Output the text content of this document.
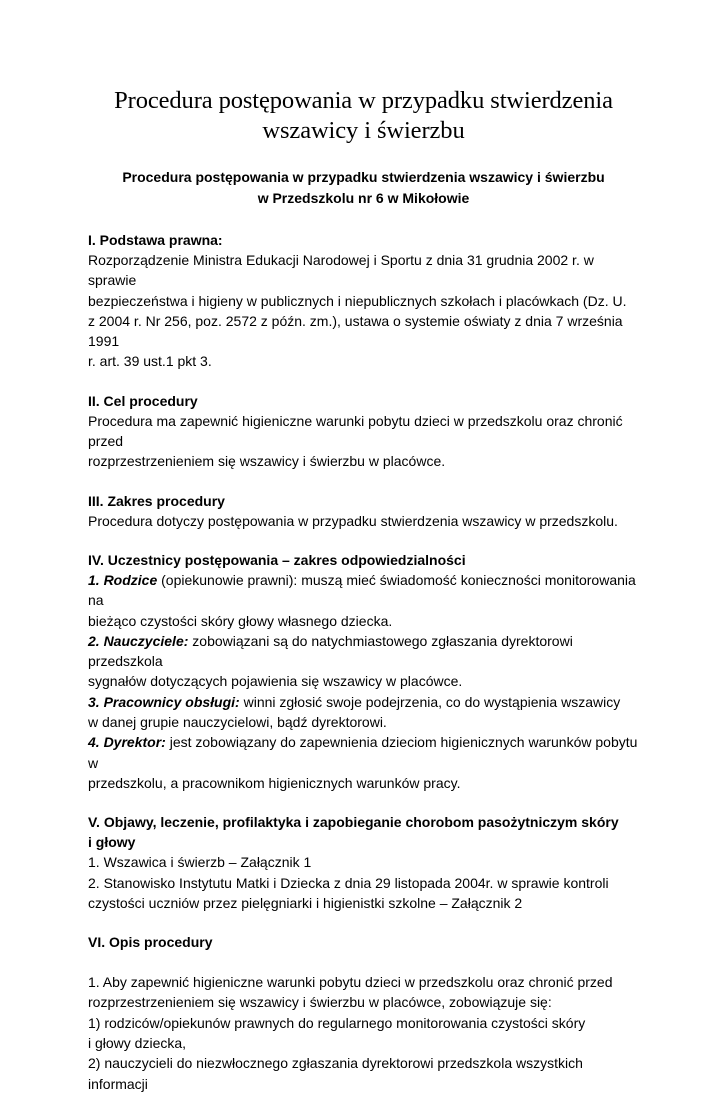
Procedura postępowania w przypadku stwierdzenia
wszawicy i świerzbu
Procedura postępowania w przypadku stwierdzenia wszawicy i świerzbu
w Przedszkolu nr 6 w Mikołowie
I. Podstawa prawna:

Rozporządzenie Ministra Edukacji Narodowej i Sportu z dnia 31 grudnia 2002 r. w sprawie

bezpieczeństwa i higieny w publicznych i niepublicznych szkołach i placówkach (Dz. U.

z 2004 r. Nr 256, poz. 2572 z późn. zm.), ustawa o systemie oświaty z dnia 7 września 1991

r. art. 39 ust.1 pkt 3.

II. Cel procedury

Procedura ma zapewnić higieniczne warunki pobytu dzieci w przedszkolu oraz chronić przed

rozprzestrzenieniem się wszawicy i świerzbu w placówce.

III. Zakres procedury

Procedura dotyczy postępowania w przypadku stwierdzenia wszawicy w przedszkolu.

IV. Uczestnicy postępowania – zakres odpowiedzialności

1. Rodzice (opiekunowie prawni): muszą mieć świadomość konieczności monitorowania na

bieżąco czystości skóry głowy własnego dziecka.

2. Nauczyciele: zobowiązani są do natychmiastowego zgłaszania dyrektorowi przedszkola

sygnałów dotyczących pojawienia się wszawicy w placówce.

3. Pracownicy obsługi: winni zgłosić swoje podejrzenia, co do wystąpienia wszawicy

w danej grupie nauczycielowi, bądź dyrektorowi.

4. Dyrektor: jest zobowiązany do zapewnienia dzieciom higienicznych warunków pobytu w

przedszkolu, a pracownikom higienicznych warunków pracy.

V. Objawy, leczenie, profilaktyka i zapobieganie chorobom pasożytniczym skóry
i głowy

1. Wszawica i świerzb – Załącznik 1

2. Stanowisko Instytutu Matki i Dziecka z dnia 29 listopada 2004r. w sprawie kontroli

czystości uczniów przez pielęgniarki i higienistki szkolne – Załącznik 2

VI. Opis procedury

1. Aby zapewnić higieniczne warunki pobytu dzieci w przedszkolu oraz chronić przed

rozprzestrzenieniem się wszawicy i świerzbu w placówce, zobowiązuje się:

1) rodziców/opiekunów prawnych do regularnego monitorowania czystości skóry

i głowy dziecka,

2) nauczycieli do niezwłocznego zgłaszania dyrektorowi przedszkola wszystkich informacji
